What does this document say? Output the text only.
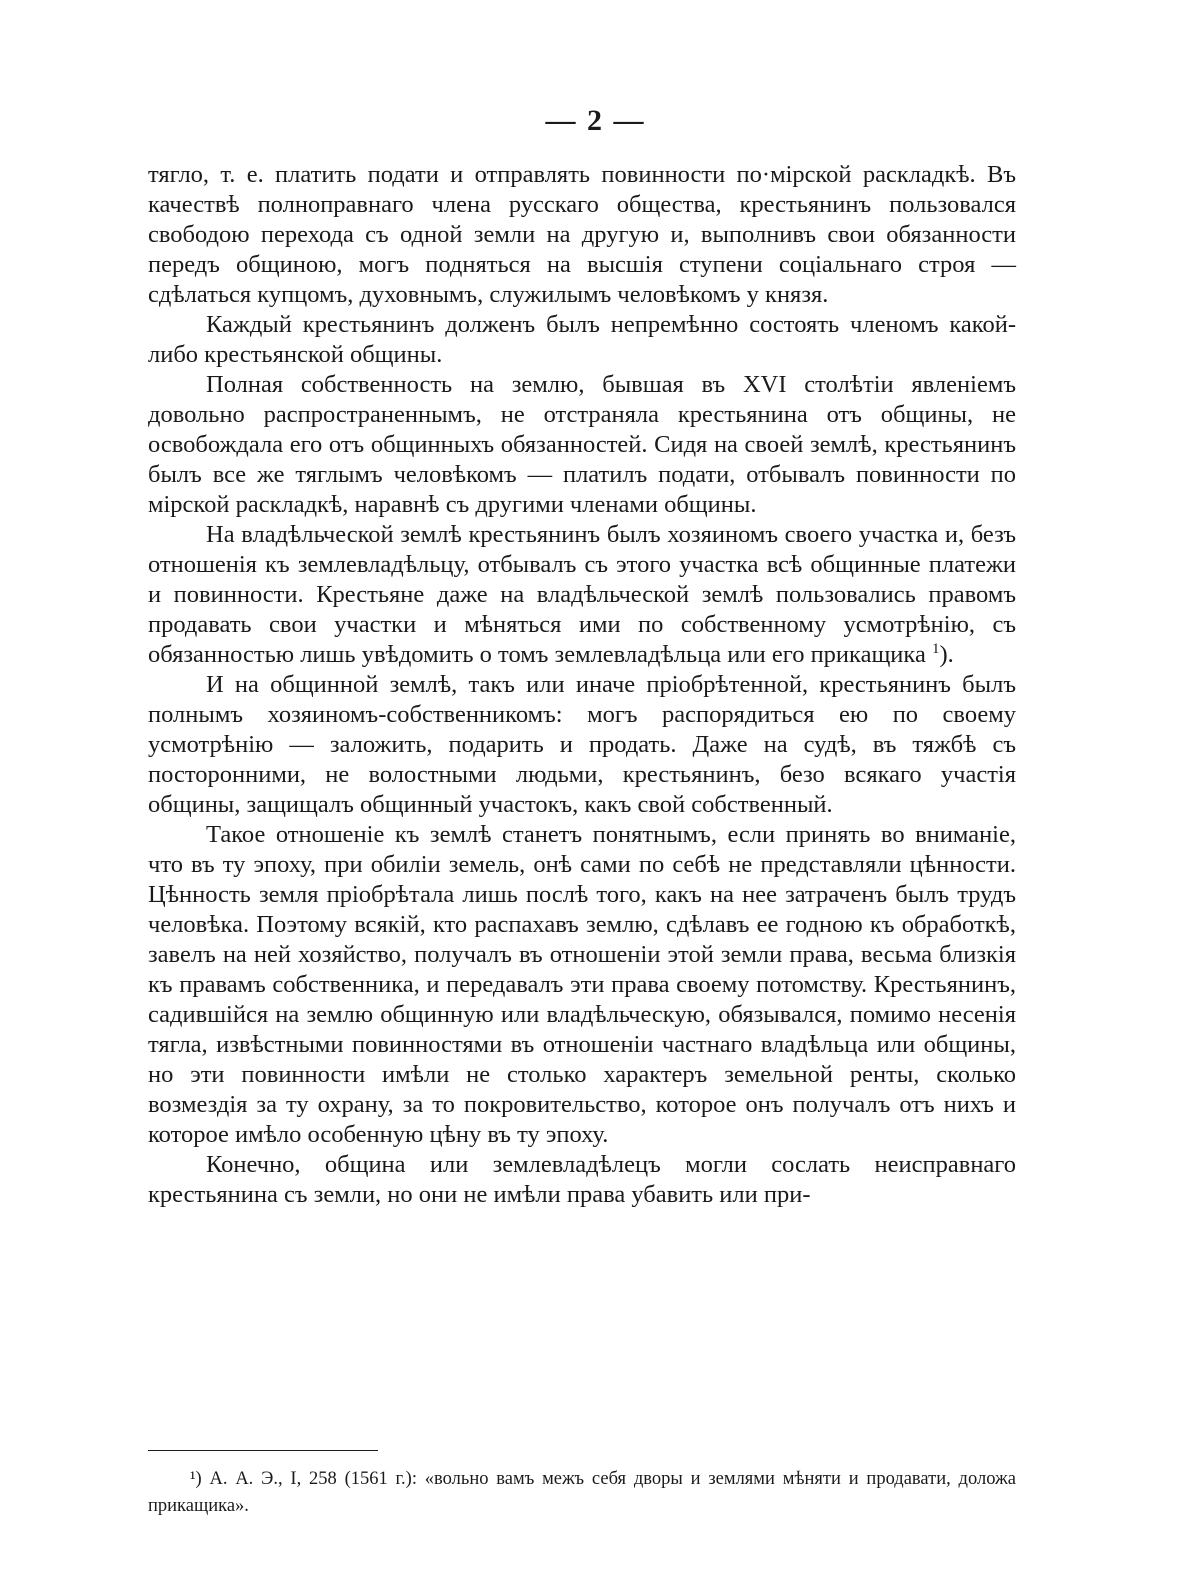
— 2 —

тягло, т. е. платить подати и отправлять повинности по·мірской раскладкѣ. Въ качествѣ полноправнаго члена русскаго общества, крестьянинъ пользовался свободою перехода съ одной земли на другую и, выполнивъ свои обязанности передъ общиною, могъ подняться на высшія ступени соціальнаго строя — сдѣлаться купцомъ, духовнымъ, служилымъ человѣкомъ у князя.

Каждый крестьянинъ долженъ былъ непремѣнно состоять членомъ какой-либо крестьянской общины.

Полная собственность на землю, бывшая въ XVI столѣтіи явленіемъ довольно распространеннымъ, не отстраняла крестьянина отъ общины, не освобождала его отъ общинныхъ обязанностей. Сидя на своей землѣ, крестьянинъ былъ все же тяглымъ человѣкомъ — платилъ подати, отбывалъ повинности по мірской раскладкѣ, наравнѣ съ другими членами общины.

На владѣльческой землѣ крестьянинъ былъ хозяиномъ своего участка и, безъ отношенія къ землевладѣльцу, отбывалъ съ этого участка всѣ общинные платежи и повинности. Крестьяне даже на владѣльческой землѣ пользовались правомъ продавать свои участки и мѣняться ими по собственному усмотрѣнію, съ обязанностью лишь увѣдомить о томъ землевладѣльца или его прикащика $^1$).

И на общинной землѣ, такъ или иначе пріобрѣтенной, крестьянинъ былъ полнымъ хозяиномъ-собственникомъ: могъ распорядиться ею по своему усмотрѣнію — заложить, подарить и продать. Даже на судѣ, въ тяжбѣ съ посторонними, не волостными людьми, крестьянинъ, безо всякаго участія общины, защищалъ общинный участокъ, какъ свой собственный.

Такое отношеніе къ землѣ станетъ понятнымъ, если принять во вниманіе, что въ ту эпоху, при обиліи земель, онѣ сами по себѣ не представляли цѣнности. Цѣнность земля пріобрѣтала лишь послѣ того, какъ на нее затраченъ былъ трудъ человѣка. Поэтому всякій, кто распахавъ землю, сдѣлавъ ее годною къ обработкѣ, завелъ на ней хозяйство, получалъ въ отношеніи этой земли права, весьма близкія къ правамъ собственника, и передавалъ эти права своему потомству. Крестьянинъ, садившійся на землю общинную или владѣльческую, обязывался, помимо несенія тягла, извѣстными повинностями въ отношеніи частнаго владѣльца или общины, но эти повинности имѣли не столько характеръ земельной ренты, сколько возмездія за ту охрану, за то покровительство, которое онъ получалъ отъ нихъ и которое имѣло особенную цѣну въ ту эпоху.

Конечно, община или землевладѣлецъ могли сослать неисправнаго крестьянина съ земли, но они не имѣли права убавить или при-

¹) А. А. Э., I, 258 (1561 г.): «вольно вамъ межъ себя дворы и землями мѣняти и продавати, доложа прикащика».
